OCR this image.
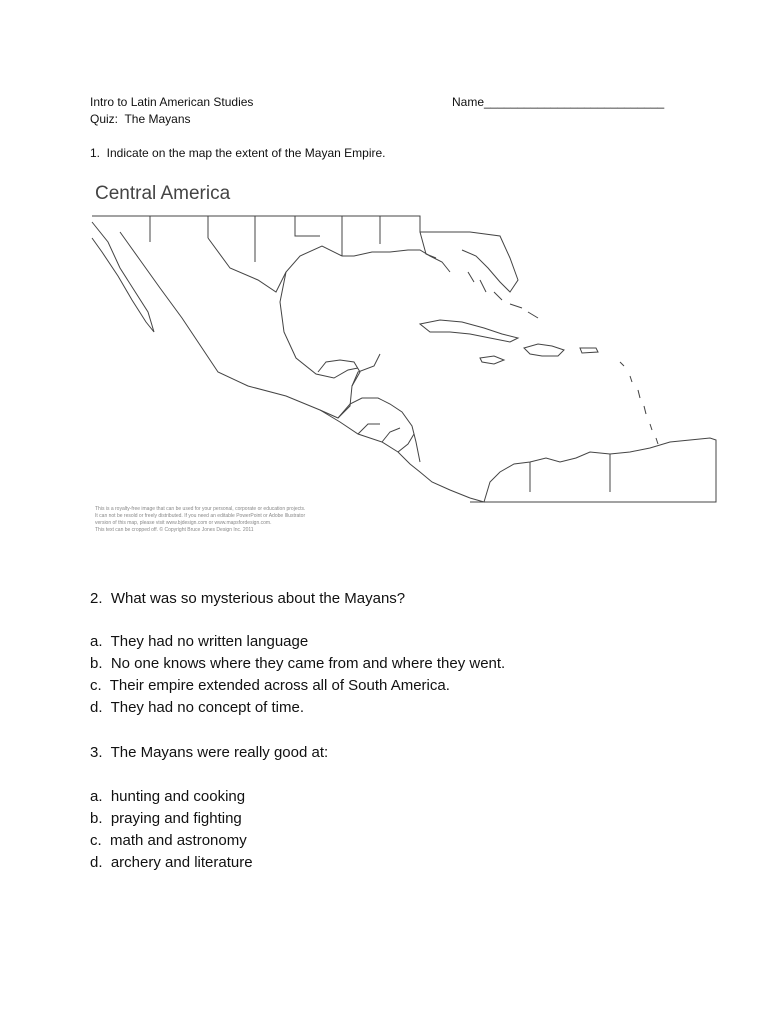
Intro to Latin American Studies	Name___________________________
Quiz:  The Mayans
1.  Indicate on the map the extent of the Mayan Empire.
Central America
This is a royalty-free image that can be used for your personal, corporate or education projects.
It can not be resold or freely distributed. If you need an editable PowerPoint or Adobe Illustrator
version of this map, please visit www.bjdesign.com or www.mapsfordesign.com.
This text can be cropped off. © Copyright Bruce Jones Design Inc. 2011
2.  What was so mysterious about the Mayans?
a.  They had no written language
b.  No one knows where they came from and where they went.
c.  Their empire extended across all of South America.
d.  They had no concept of time.
3.  The Mayans were really good at:
a.  hunting and cooking
b.  praying and fighting
c.  math and astronomy
d.  archery and literature
